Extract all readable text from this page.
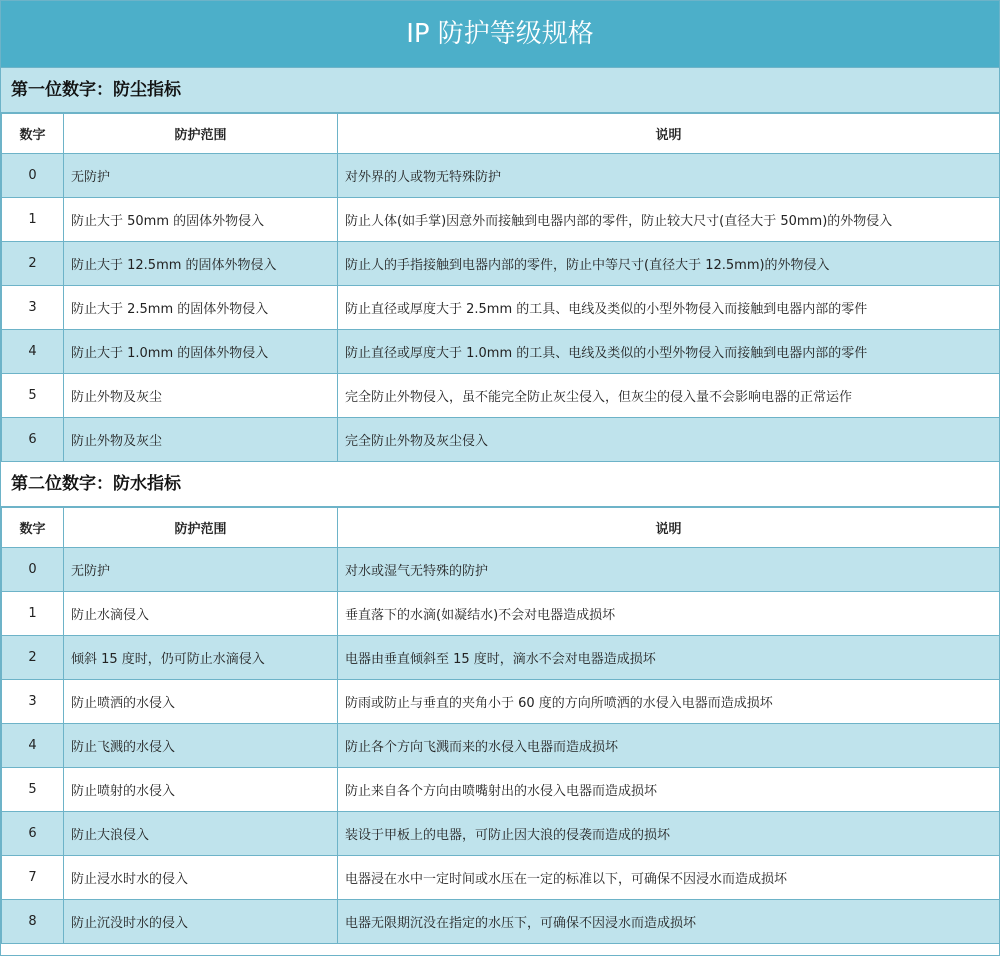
IP 防护等级规格
第一位数字：防尘指标
数字	防护范围	说明
0	无防护	对外界的人或物无特殊防护
1	防止大于 50mm 的固体外物侵入	防止人体(如手掌)因意外而接触到电器内部的零件，防止较大尺寸(直径大于 50mm)的外物侵入
2	防止大于 12.5mm 的固体外物侵入	防止人的手指接触到电器内部的零件，防止中等尺寸(直径大于 12.5mm)的外物侵入
3	防止大于 2.5mm 的固体外物侵入	防止直径或厚度大于 2.5mm 的工具、电线及类似的小型外物侵入而接触到电器内部的零件
4	防止大于 1.0mm 的固体外物侵入	防止直径或厚度大于 1.0mm 的工具、电线及类似的小型外物侵入而接触到电器内部的零件
5	防止外物及灰尘	完全防止外物侵入，虽不能完全防止灰尘侵入，但灰尘的侵入量不会影响电器的正常运作
6	防止外物及灰尘	完全防止外物及灰尘侵入
第二位数字：防水指标
数字	防护范围	说明
0	无防护	对水或湿气无特殊的防护
1	防止水滴侵入	垂直落下的水滴(如凝结水)不会对电器造成损坏
2	倾斜 15 度时，仍可防止水滴侵入	电器由垂直倾斜至 15 度时，滴水不会对电器造成损坏
3	防止喷洒的水侵入	防雨或防止与垂直的夹角小于 60 度的方向所喷洒的水侵入电器而造成损坏
4	防止飞溅的水侵入	防止各个方向飞溅而来的水侵入电器而造成损坏
5	防止喷射的水侵入	防止来自各个方向由喷嘴射出的水侵入电器而造成损坏
6	防止大浪侵入	装设于甲板上的电器，可防止因大浪的侵袭而造成的损坏
7	防止浸水时水的侵入	电器浸在水中一定时间或水压在一定的标准以下，可确保不因浸水而造成损坏
8	防止沉没时水的侵入	电器无限期沉没在指定的水压下，可确保不因浸水而造成损坏
